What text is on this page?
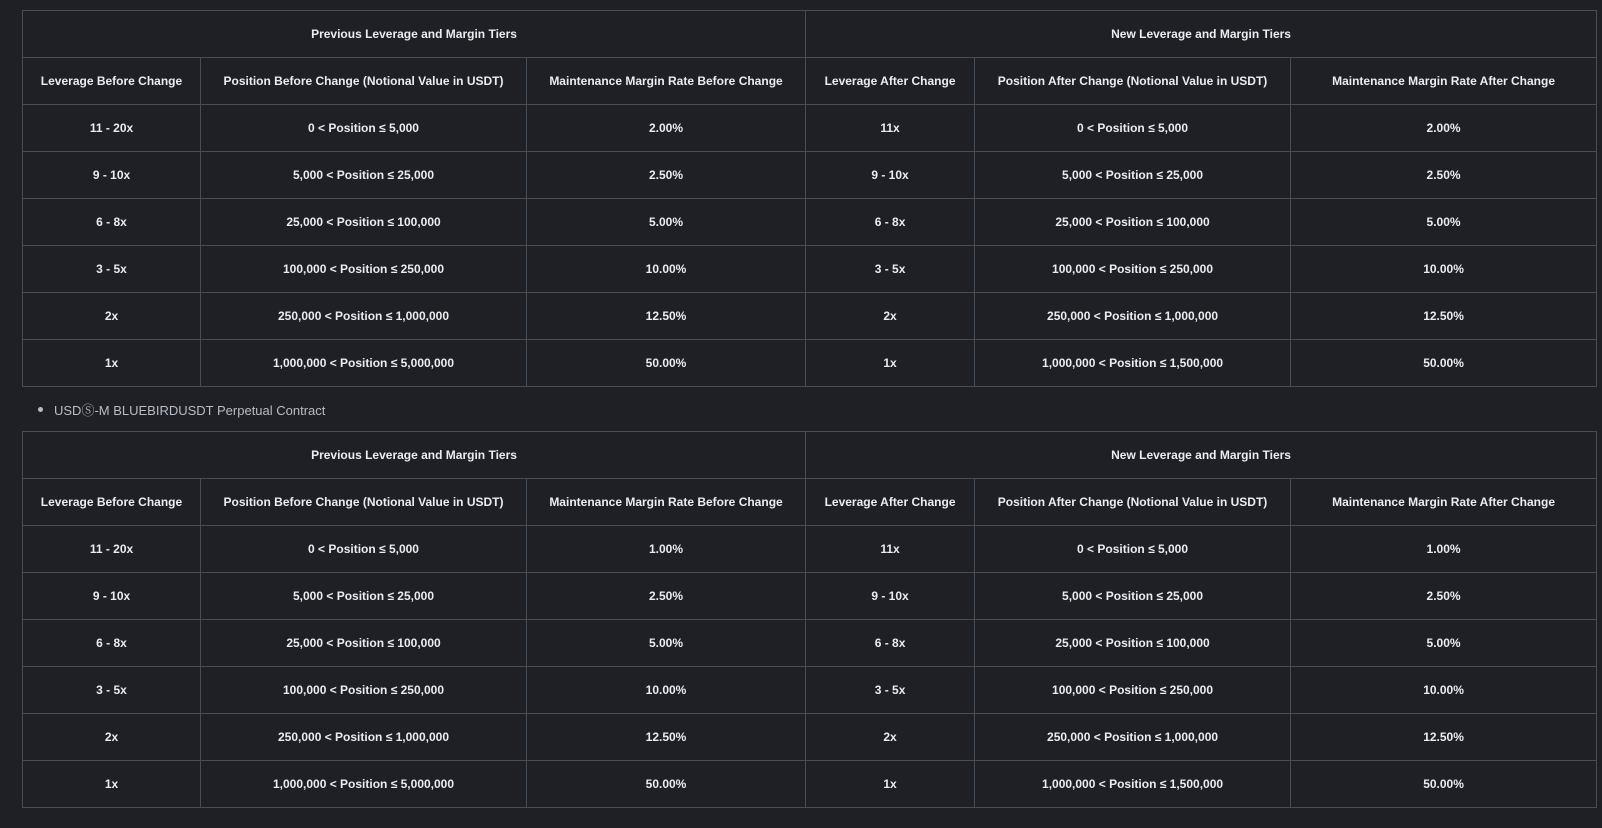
Previous Leverage and Margin Tiers			New Leverage and Margin Tiers		
Leverage Before Change	Position Before Change (Notional Value in USDT)	Maintenance Margin Rate Before Change	Leverage After Change	Position After Change (Notional Value in USDT)	Maintenance Margin Rate After Change
11 - 20x	0 < Position ≤ 5,000	2.00%	11x	0 < Position ≤ 5,000	2.00%
9 - 10x	5,000 < Position ≤ 25,000	2.50%	9 - 10x	5,000 < Position ≤ 25,000	2.50%
6 - 8x	25,000 < Position ≤ 100,000	5.00%	6 - 8x	25,000 < Position ≤ 100,000	5.00%
3 - 5x	100,000 < Position ≤ 250,000	10.00%	3 - 5x	100,000 < Position ≤ 250,000	10.00%
2x	250,000 < Position ≤ 1,000,000	12.50%	2x	250,000 < Position ≤ 1,000,000	12.50%
1x	1,000,000 < Position ≤ 5,000,000	50.00%	1x	1,000,000 < Position ≤ 1,500,000	50.00%
USDⓈ-M BLUEBIRDUSDT Perpetual Contract
Previous Leverage and Margin Tiers			New Leverage and Margin Tiers		
Leverage Before Change	Position Before Change (Notional Value in USDT)	Maintenance Margin Rate Before Change	Leverage After Change	Position After Change (Notional Value in USDT)	Maintenance Margin Rate After Change
11 - 20x	0 < Position ≤ 5,000	1.00%	11x	0 < Position ≤ 5,000	1.00%
9 - 10x	5,000 < Position ≤ 25,000	2.50%	9 - 10x	5,000 < Position ≤ 25,000	2.50%
6 - 8x	25,000 < Position ≤ 100,000	5.00%	6 - 8x	25,000 < Position ≤ 100,000	5.00%
3 - 5x	100,000 < Position ≤ 250,000	10.00%	3 - 5x	100,000 < Position ≤ 250,000	10.00%
2x	250,000 < Position ≤ 1,000,000	12.50%	2x	250,000 < Position ≤ 1,000,000	12.50%
1x	1,000,000 < Position ≤ 5,000,000	50.00%	1x	1,000,000 < Position ≤ 1,500,000	50.00%
